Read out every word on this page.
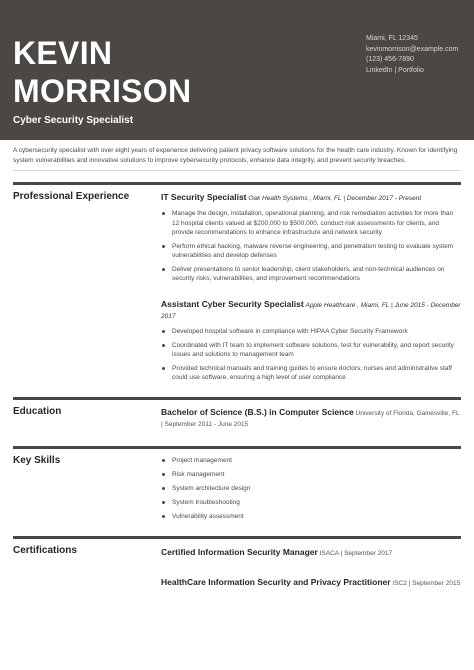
KEVIN
MORRISON
Cyber Security Specialist
Miami, FL 12345
kevinmorrison@example.com
(123) 456-7890
LinkedIn | Portfolio
A cybersecurity specialist with over eight years of experience delivering patient privacy software solutions for the health care industry. Known for identifying system vulnerabilities and innovative solutions to improve cybersecurity protocols, enhance data integrity, and prevent security breaches.
Professional Experience	IT Security Specialist Oak Health Systems , Miami, FL | December 2017 - Present
Manage the design, installation, operational planning, and risk remediation activities for more than 12 hospital clients valued at $200,000 to $500,000, conduct risk assessments for clients, and provide recommendations to enhance infrastructure and network security
Perform ethical hacking, malware reverse engineering, and penetration testing to evaluate system vulnerabilities and develop defenses
Deliver presentations to senior leadership, client stakeholders, and non-technical audiences on security risks, vulnerabilities, and improvement recommendations
Assistant Cyber Security Specialist Apple Healthcare , Miami, FL | June 2015 - December 2017
Developed hospital software in compliance with HIPAA Cyber Security Framework
Coordinated with IT team to implement software solutions, test for vulnerability, and report security issues and solutions to management team
Provided technical manuals and training guides to ensure doctors, nurses and administrative staff could use software, ensuring a high level of user compliance
Education	Bachelor of Science (B.S.) in Computer Science University of Florida, Gainesville, FL | September 2011 - June 2015
Key Skills	Project management
Risk management
System architecture design
System troubleshooting
Vulnerability assessment
Certifications	Certified Information Security Manager ISACA | September 2017
HealthCare Information Security and Privacy Practitioner ISC2 | September 2015
